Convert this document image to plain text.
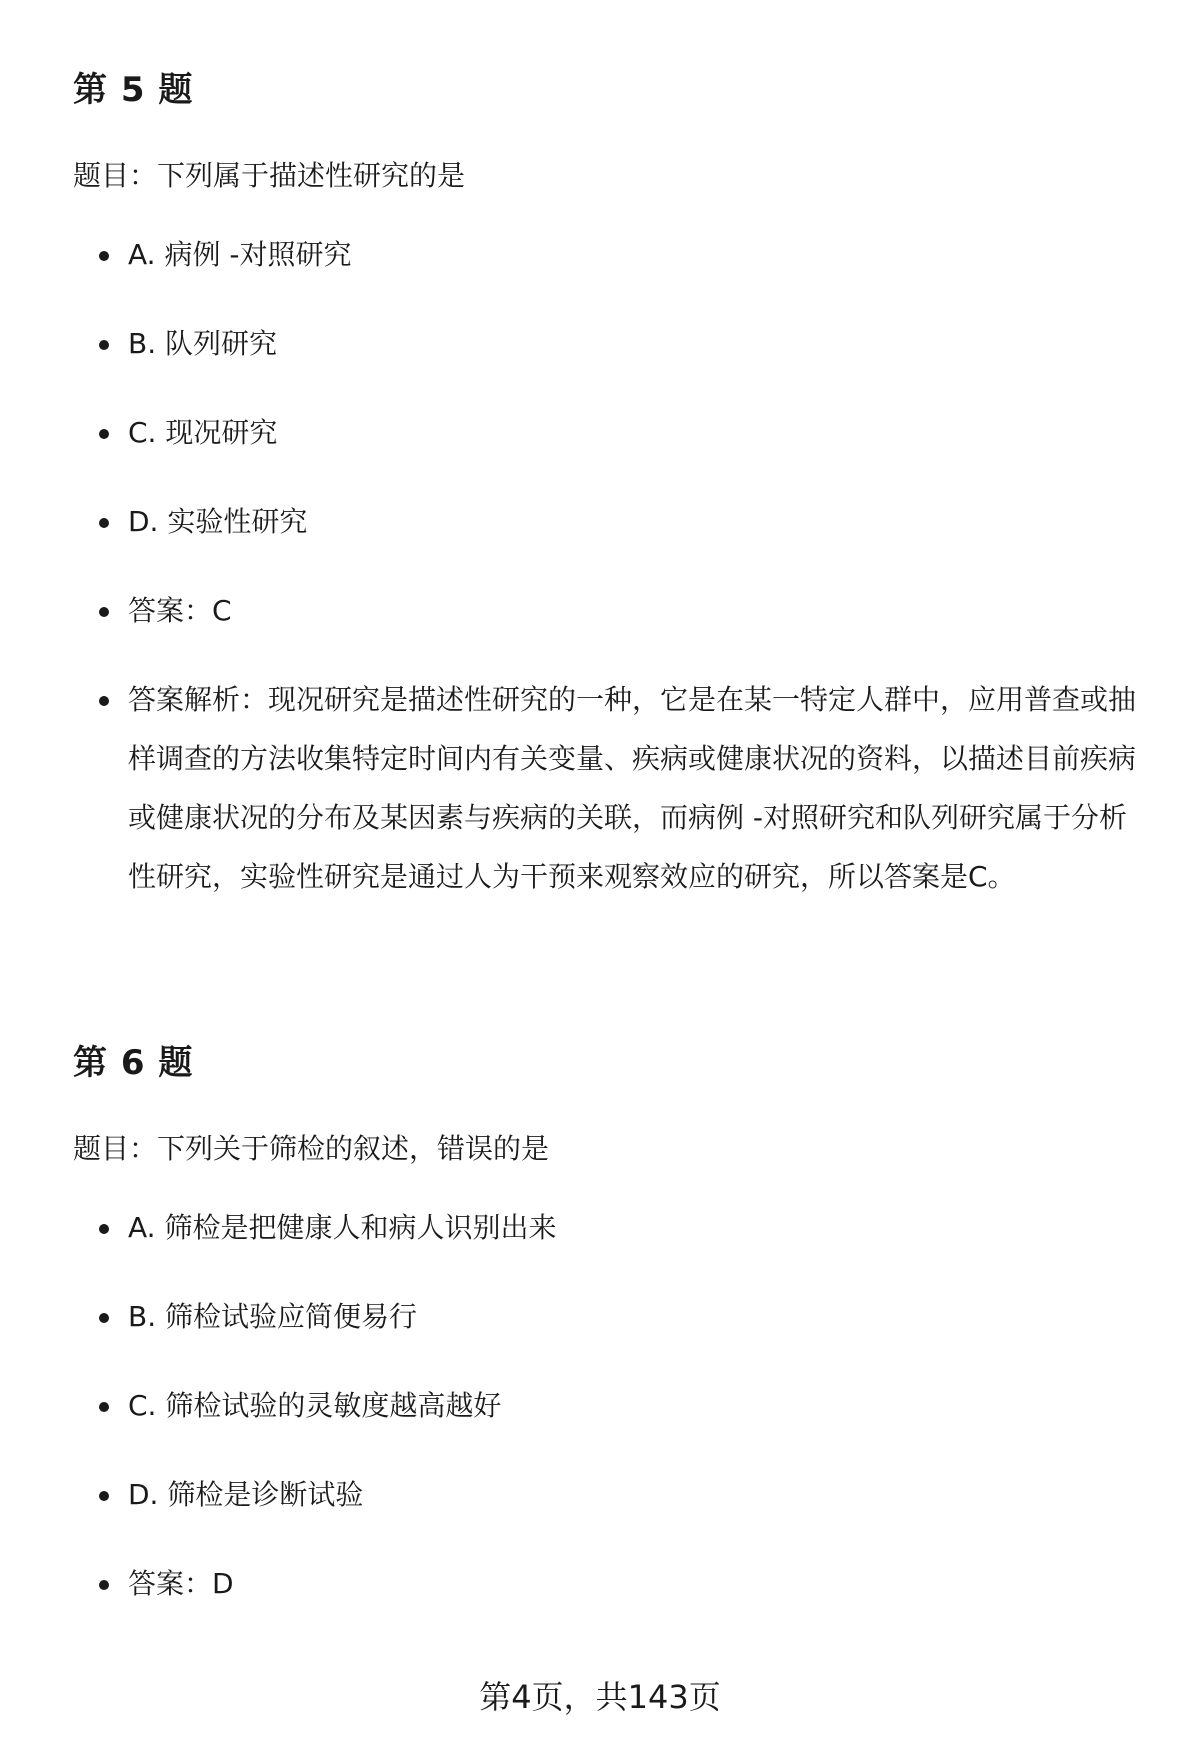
第 5 题

题目：下列属于描述性研究的是

A. 病例 -对照研究
B. 队列研究
C. 现况研究
D. 实验性研究
答案：C
答案解析：现况研究是描述性研究的一种，它是在某一特定人群中，应用普查或抽样调查的方法收集特定时间内有关变量、疾病或健康状况的资料，以描述目前疾病或健康状况的分布及某因素与疾病的关联，而病例 -对照研究和队列研究属于分析性研究，实验性研究是通过人为干预来观察效应的研究，所以答案是C。
第 6 题

题目：下列关于筛检的叙述，错误的是

A. 筛检是把健康人和病人识别出来
B. 筛检试验应简便易行
C. 筛检试验的灵敏度越高越好
D. 筛检是诊断试验
答案：D
第4页，共143页
